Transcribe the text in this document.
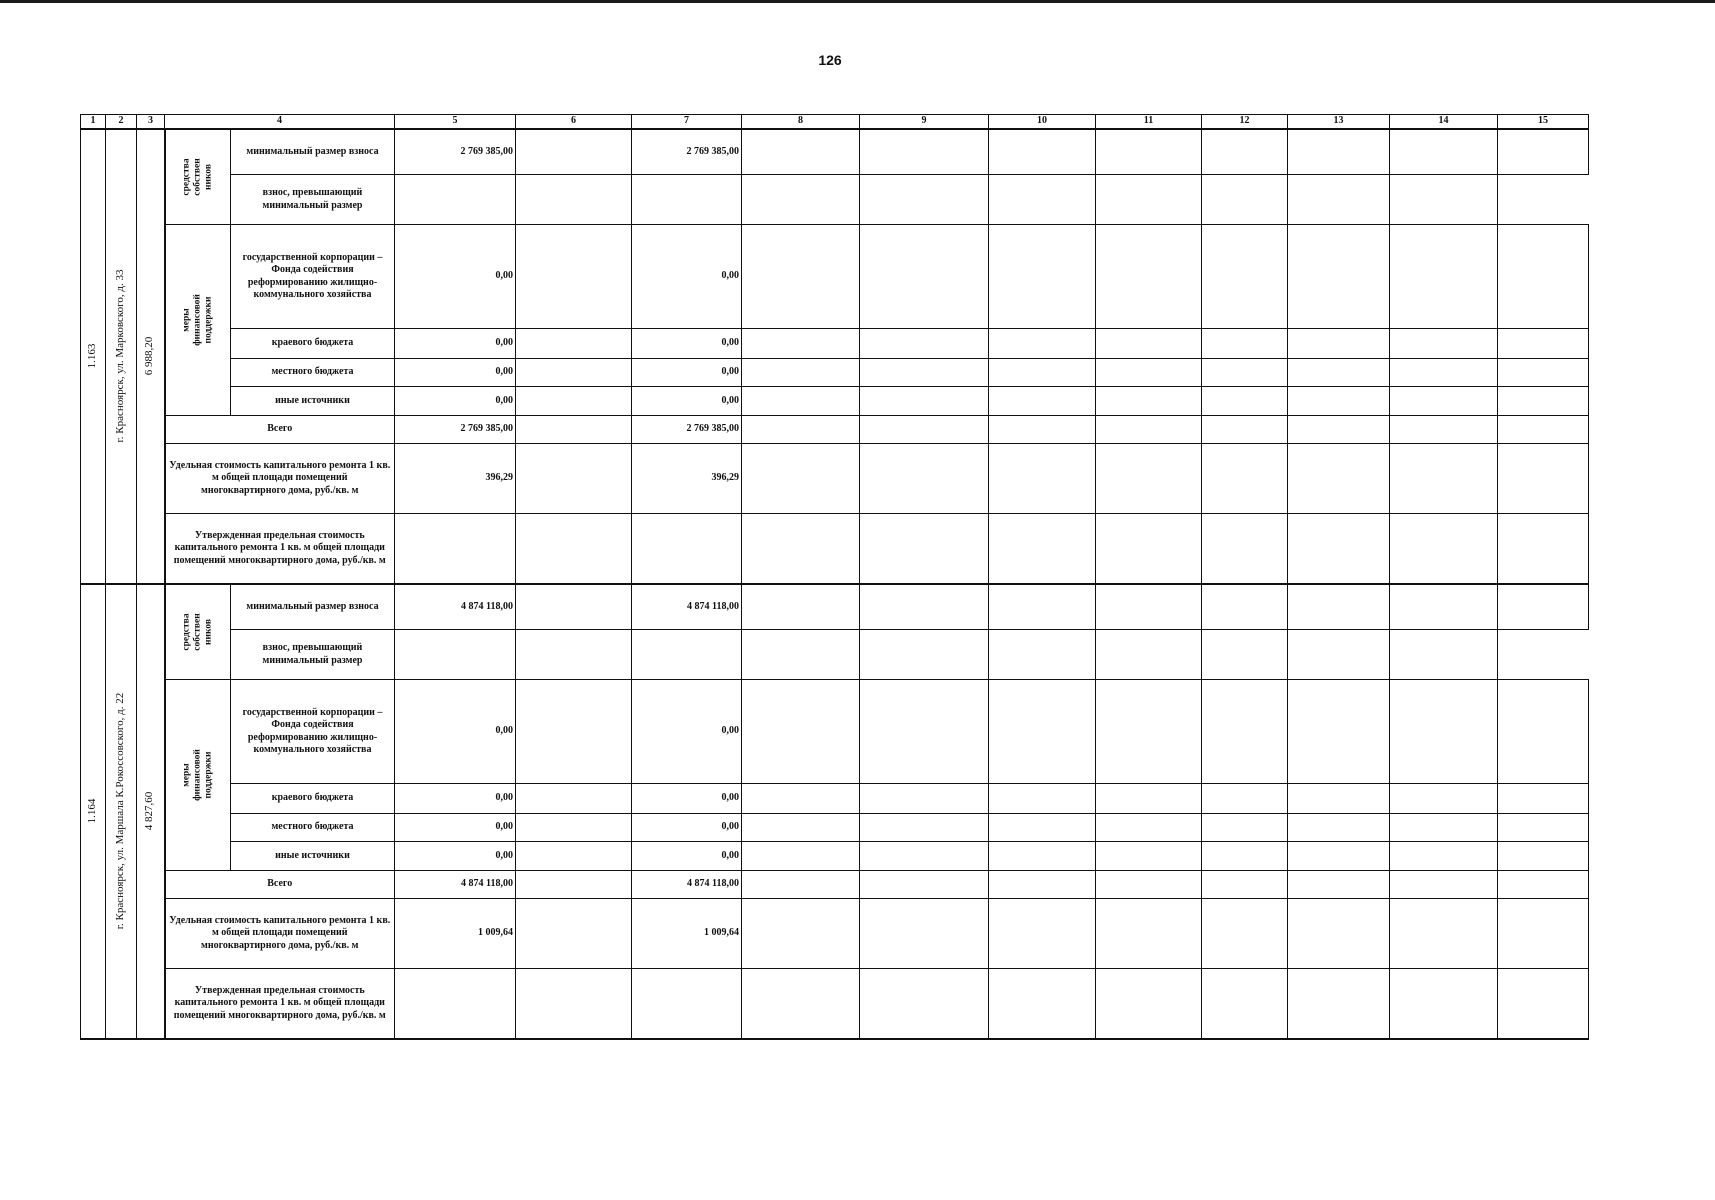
126
1	2	3	4		5	6	7	8	9	10	11	12	13	14	15

1.163	г. Красноярск, ул. Марковского, д. 33	6 988,20	средства собствен ников	минимальный размер взноса	2 769 385,00		2 769 385,00								
				взнос, превышающий минимальный размер											

			меры финансовой поддержки	государственной корпорации – Фонда содействия реформированию жилищно-коммунального хозяйства	0,00		0,00								
				краевого бюджета	0,00		0,00								
				местного бюджета	0,00		0,00								
				иные источники	0,00		0,00								
			Всего		2 769 385,00		2 769 385,00								
			Удельная стоимость капитального ремонта 1 кв. м общей площади помещений многоквартирного дома, руб./кв. м		396,29		396,29								
			Утвержденная предельная стоимость капитального ремонта 1 кв. м общей площади помещений многоквартирного дома, руб./кв. м												

1.164	г. Красноярск, ул. Маршала К.Рокоссовского, д. 22	4 827,60	средства собствен ников	минимальный размер взноса	4 874 118,00		4 874 118,00								
				взнос, превышающий минимальный размер											

			меры финансовой поддержки	государственной корпорации – Фонда содействия реформированию жилищно-коммунального хозяйства	0,00		0,00								
				краевого бюджета	0,00		0,00								
				местного бюджета	0,00		0,00								
				иные источники	0,00		0,00								
			Всего		4 874 118,00		4 874 118,00								
			Удельная стоимость капитального ремонта 1 кв. м общей площади помещений многоквартирного дома, руб./кв. м		1 009,64		1 009,64								
			Утвержденная предельная стоимость капитального ремонта 1 кв. м общей площади помещений многоквартирного дома, руб./кв. м												
